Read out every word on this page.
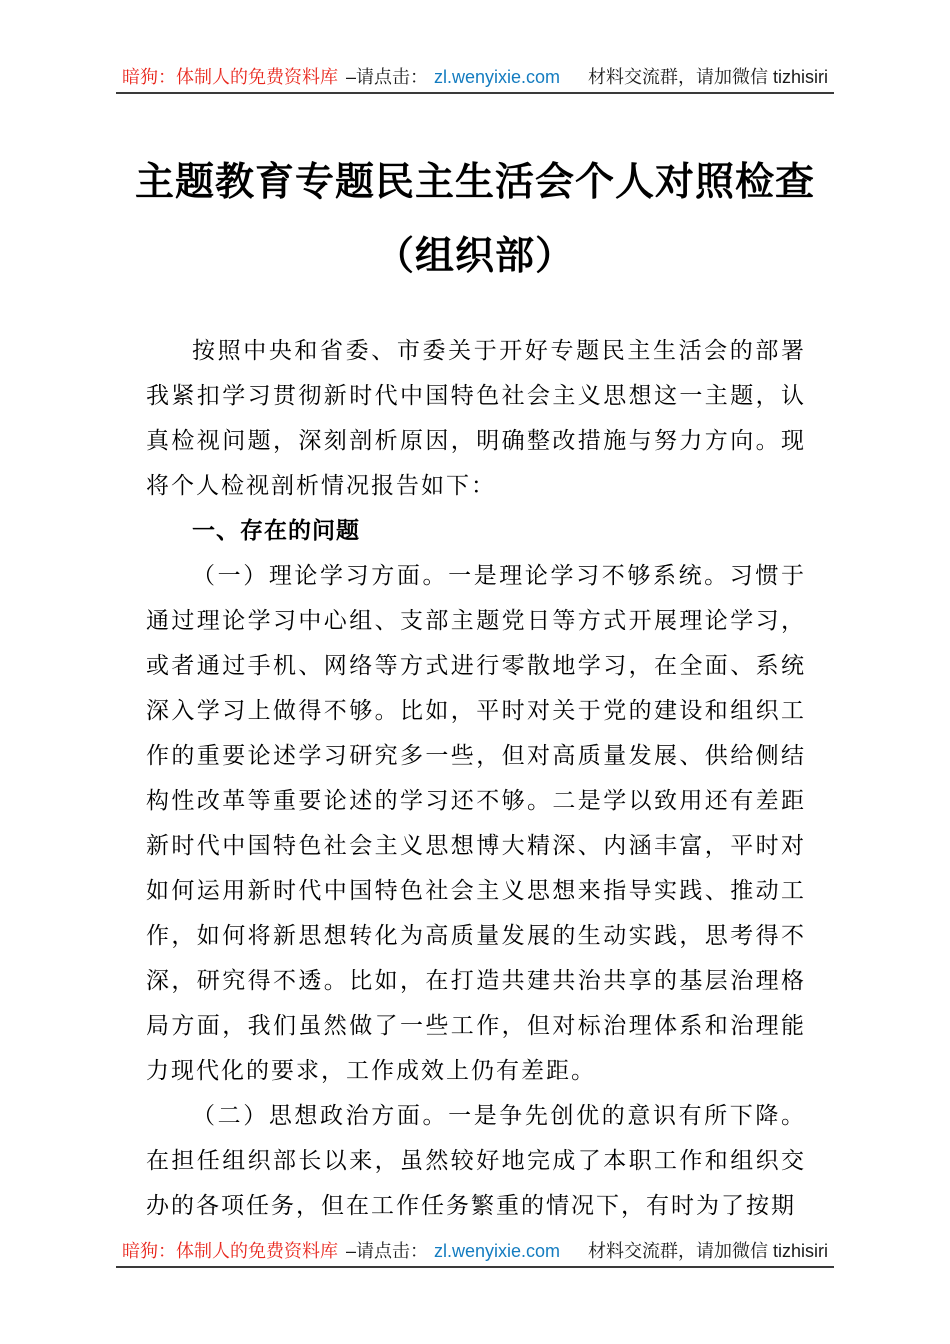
暗狗：体制人的免费资料库 –请点击： zl.wenyixie.com 材料交流群，请加微信 tizhisiri
主题教育专题民主生活会个人对照检查
（组织部）

按照中央和省委、市委关于开好专题民主生活会的部署我紧扣学习贯彻新时代中国特色社会主义思想这一主题，认真检视问题，深刻剖析原因，明确整改措施与努力方向。现将个人检视剖析情况报告如下：

一、存在的问题

（一）理论学习方面。一是理论学习不够系统。习惯于通过理论学习中心组、支部主题党日等方式开展理论学习，或者通过手机、网络等方式进行零散地学习，在全面、系统深入学习上做得不够。比如，平时对关于党的建设和组织工作的重要论述学习研究多一些，但对高质量发展、供给侧结构性改革等重要论述的学习还不够。二是学以致用还有差距新时代中国特色社会主义思想博大精深、内涵丰富，平时对如何运用新时代中国特色社会主义思想来指导实践、推动工作，如何将新思想转化为高质量发展的生动实践，思考得不深，研究得不透。比如，在打造共建共治共享的基层治理格局方面，我们虽然做了一些工作，但对标治理体系和治理能力现代化的要求，工作成效上仍有差距。

（二）思想政治方面。一是争先创优的意识有所下降。在担任组织部长以来，虽然较好地完成了本职工作和组织交办的各项任务，但在工作任务繁重的情况下，有时为了按期

暗狗：体制人的免费资料库 –请点击： zl.wenyixie.com 材料交流群，请加微信 tizhisiri
